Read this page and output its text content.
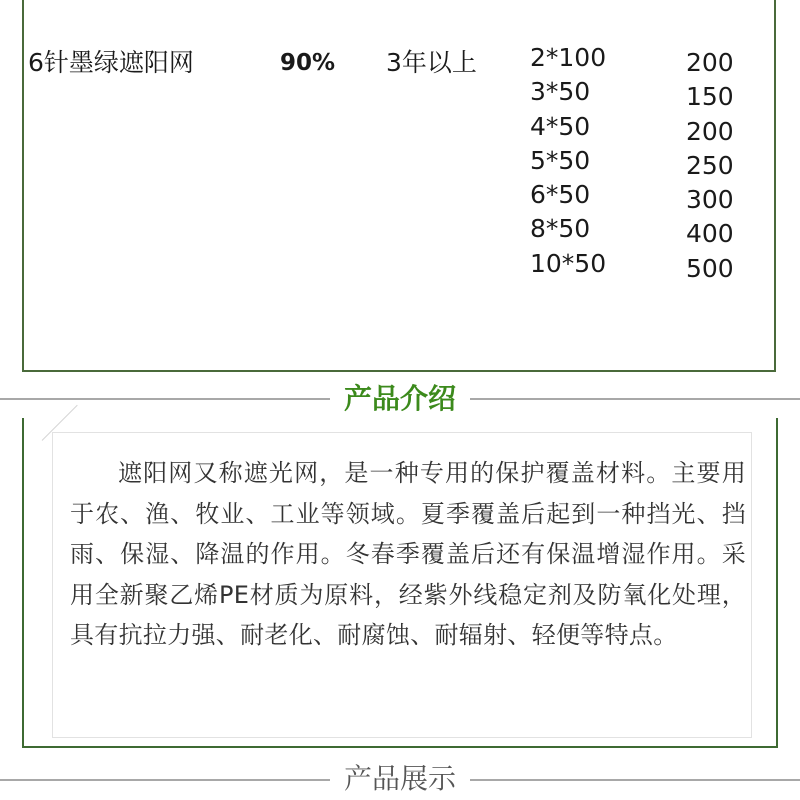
6针墨绿遮阳网	90% 3年以上 2*100
3*50
4*50
5*50
6*50
8*50
10*50
200
150
200
250
300
400
500
产品介绍
遮阳网又称遮光网，是一种专用的保护覆盖材料。主要用于农、渔、牧业、工业等领域。夏季覆盖后起到一种挡光、挡雨、保湿、降温的作用。冬春季覆盖后还有保温增湿作用。采用全新聚乙烯PE材质为原料，经紫外线稳定剂及防氧化处理，具有抗拉力强、耐老化、耐腐蚀、耐辐射、轻便等特点。
产品展示
